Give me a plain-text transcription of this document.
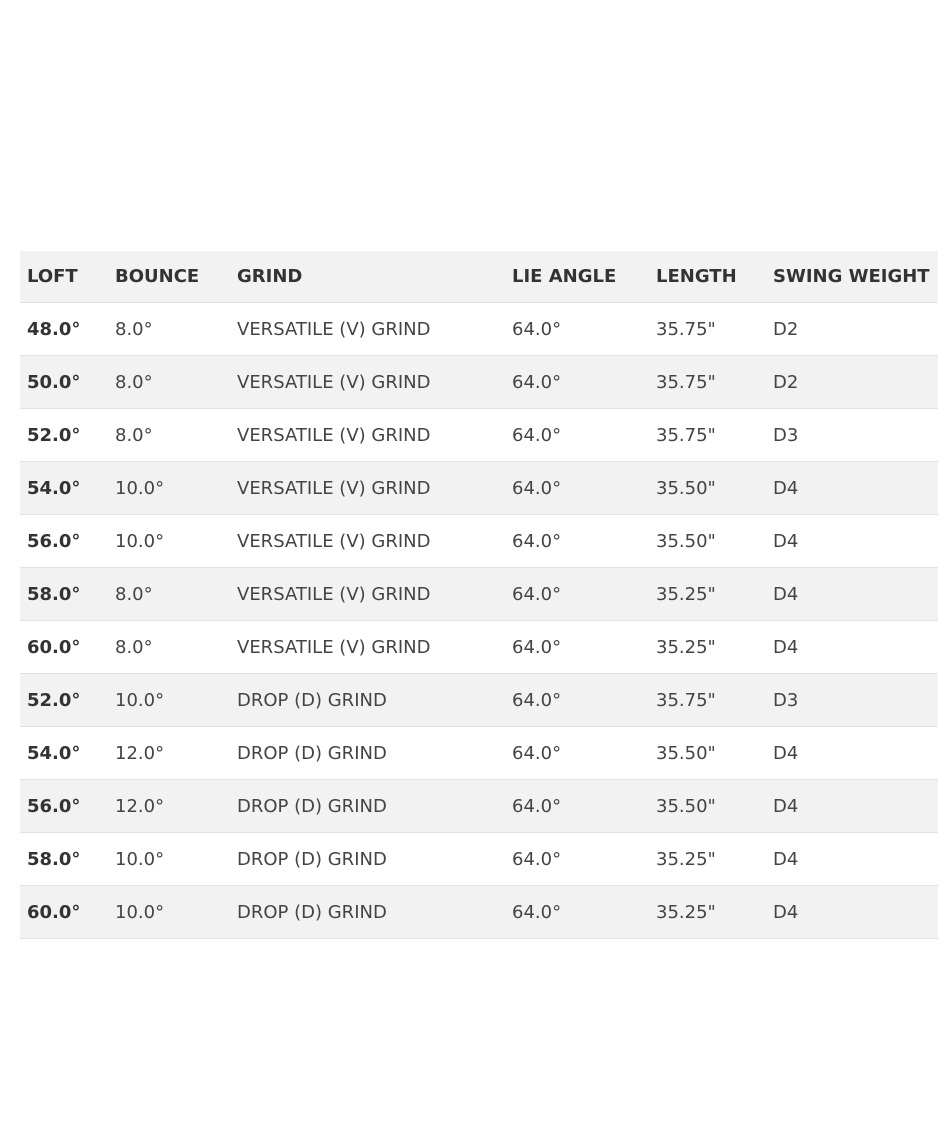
LOFT	BOUNCE	GRIND	LIE ANGLE	LENGTH	SWING WEIGHT
48.0°	8.0°	VERSATILE (V) GRIND	64.0°	35.75"	D2
50.0°	8.0°	VERSATILE (V) GRIND	64.0°	35.75"	D2
52.0°	8.0°	VERSATILE (V) GRIND	64.0°	35.75"	D3
54.0°	10.0°	VERSATILE (V) GRIND	64.0°	35.50"	D4
56.0°	10.0°	VERSATILE (V) GRIND	64.0°	35.50"	D4
58.0°	8.0°	VERSATILE (V) GRIND	64.0°	35.25"	D4
60.0°	8.0°	VERSATILE (V) GRIND	64.0°	35.25"	D4
52.0°	10.0°	DROP (D) GRIND	64.0°	35.75"	D3
54.0°	12.0°	DROP (D) GRIND	64.0°	35.50"	D4
56.0°	12.0°	DROP (D) GRIND	64.0°	35.50"	D4
58.0°	10.0°	DROP (D) GRIND	64.0°	35.25"	D4
60.0°	10.0°	DROP (D) GRIND	64.0°	35.25"	D4
